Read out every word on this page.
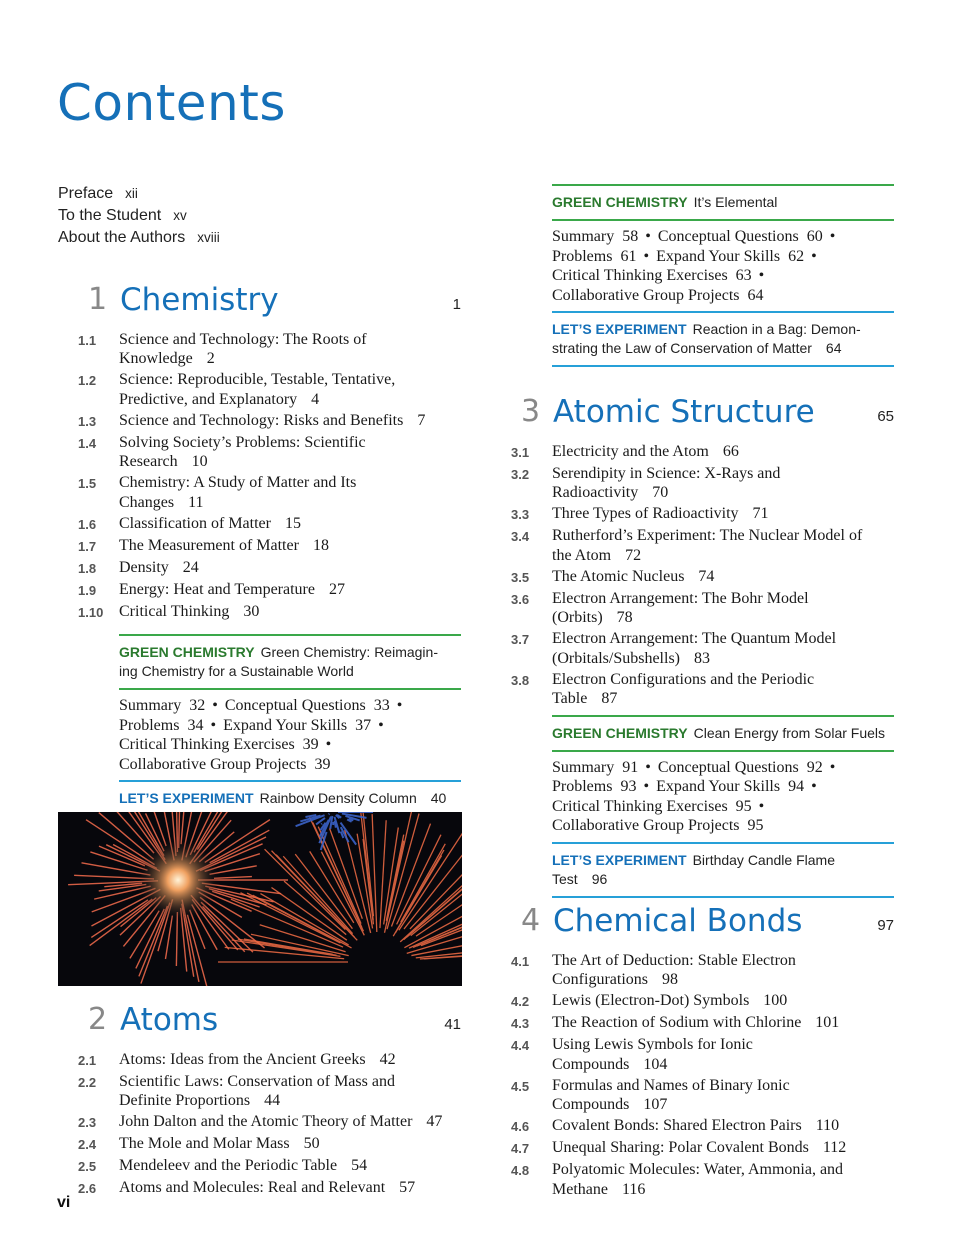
Contents
Preface xii
To the Student xv
About the Authors xviii
1 Chemistry	1
1.1	Science and Technology: The Roots of
Knowledge 2
1.2	Science: Reproducible, Testable, Tentative,
Predictive, and Explanatory 4
1.3	Science and Technology: Risks and Benefits 7
1.4	Solving Society’s Problems: Scientific
Research 10
1.5	Chemistry: A Study of Matter and Its
Changes 11
1.6	Classification of Matter 15
1.7	The Measurement of Matter 18
1.8	Density 24
1.9	Energy: Heat and Temperature 27
1.10 Critical Thinking 30
GREEN CHEMISTRY Green Chemistry: Reimagin-
ing Chemistry for a Sustainable World
Summary 32 • Conceptual Questions 33 •
Problems 34 • Expand Your Skills 37 •
Critical Thinking Exercises 39 •
Collaborative Group Projects 39
LET’S EXPERIMENT Rainbow Density Column 40
2 Atoms	41
2.1	Atoms: Ideas from the Ancient Greeks 42
2.2	Scientific Laws: Conservation of Mass and
Definite Proportions 44
2.3	John Dalton and the Atomic Theory of Matter 47
2.4	The Mole and Molar Mass 50
2.5	Mendeleev and the Periodic Table 54
2.6	Atoms and Molecules: Real and Relevant 57
GREEN CHEMISTRY It’s Elemental
Summary 58 • Conceptual Questions 60 •
Problems 61 • Expand Your Skills 62 •
Critical Thinking Exercises 63 •
Collaborative Group Projects 64
LET’S EXPERIMENT Reaction in a Bag: Demon-
strating the Law of Conservation of Matter 64
3 Atomic Structure	65
3.1	Electricity and the Atom 66
3.2	Serendipity in Science: X-Rays and
Radioactivity 70
3.3	Three Types of Radioactivity 71
3.4	Rutherford’s Experiment: The Nuclear Model of
the Atom 72
3.5	The Atomic Nucleus 74
3.6	Electron Arrangement: The Bohr Model
(Orbits) 78
3.7	Electron Arrangement: The Quantum Model
(Orbitals/Subshells) 83
3.8	Electron Configurations and the Periodic
Table 87
GREEN CHEMISTRY Clean Energy from Solar Fuels
Summary 91 • Conceptual Questions 92 •
Problems 93 • Expand Your Skills 94 •
Critical Thinking Exercises 95 •
Collaborative Group Projects 95
LET’S EXPERIMENT Birthday Candle Flame
Test 96
4 Chemical Bonds	97
4.1	The Art of Deduction: Stable Electron
Configurations 98
4.2	Lewis (Electron-Dot) Symbols 100
4.3	The Reaction of Sodium with Chlorine 101
4.4	Using Lewis Symbols for Ionic
Compounds 104
4.5	Formulas and Names of Binary Ionic
Compounds 107
4.6	Covalent Bonds: Shared Electron Pairs 110
4.7	Unequal Sharing: Polar Covalent Bonds 112
4.8	Polyatomic Molecules: Water, Ammonia, and
Methane 116
vi
